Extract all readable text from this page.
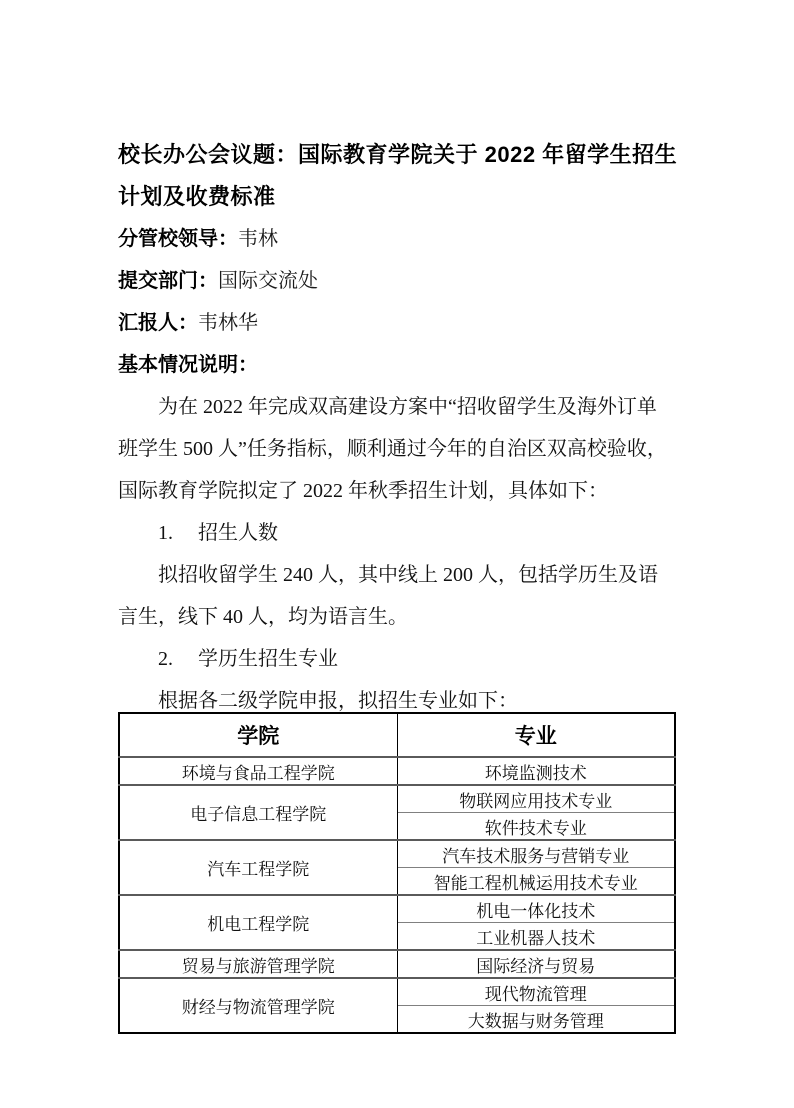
校长办公会议题：国际教育学院关于 2022 年留学生招生计划及收费标准

分管校领导：韦林

提交部门：国际交流处

汇报人：韦林华

基本情况说明：

为在 2022 年完成双高建设方案中“招收留学生及海外订单班学生 500 人”任务指标，顺利通过今年的自治区双高校验收，国际教育学院拟定了 2022 年秋季招生计划，具体如下：

1. 招生人数

拟招收留学生 240 人，其中线上 200 人，包括学历生及语言生，线下 40 人，均为语言生。

2. 学历生招生专业

根据各二级学院申报，拟招生专业如下：

学院	专业
环境与食品工程学院	环境监测技术
电子信息工程学院	物联网应用技术专业
	软件技术专业
汽车工程学院	汽车技术服务与营销专业
	智能工程机械运用技术专业
机电工程学院	机电一体化技术
	工业机器人技术
贸易与旅游管理学院	国际经济与贸易
财经与物流管理学院	现代物流管理
	大数据与财务管理
